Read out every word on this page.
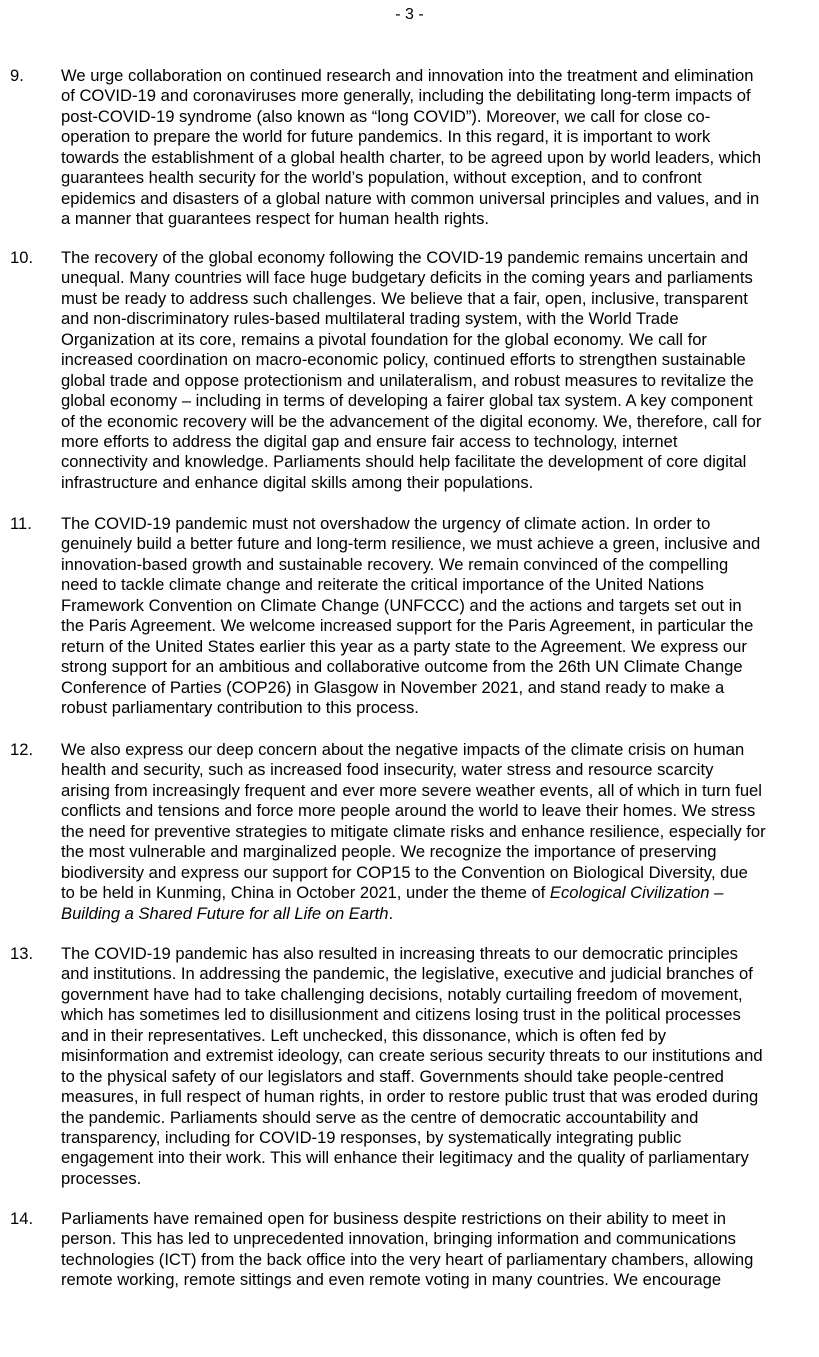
- 3 -
9. We urge collaboration on continued research and innovation into the treatment and elimination
of COVID-19 and coronaviruses more generally, including the debilitating long-term impacts of
post-COVID-19 syndrome (also known as “long COVID”). Moreover, we call for close co-
operation to prepare the world for future pandemics. In this regard, it is important to work
towards the establishment of a global health charter, to be agreed upon by world leaders, which
guarantees health security for the world’s population, without exception, and to confront
epidemics and disasters of a global nature with common universal principles and values, and in
a manner that guarantees respect for human health rights.
10. The recovery of the global economy following the COVID-19 pandemic remains uncertain and
unequal. Many countries will face huge budgetary deficits in the coming years and parliaments
must be ready to address such challenges. We believe that a fair, open, inclusive, transparent
and non-discriminatory rules-based multilateral trading system, with the World Trade
Organization at its core, remains a pivotal foundation for the global economy. We call for
increased coordination on macro-economic policy, continued efforts to strengthen sustainable
global trade and oppose protectionism and unilateralism, and robust measures to revitalize the
global economy – including in terms of developing a fairer global tax system. A key component
of the economic recovery will be the advancement of the digital economy. We, therefore, call for
more efforts to address the digital gap and ensure fair access to technology, internet
connectivity and knowledge. Parliaments should help facilitate the development of core digital
infrastructure and enhance digital skills among their populations.
11. The COVID-19 pandemic must not overshadow the urgency of climate action. In order to
genuinely build a better future and long-term resilience, we must achieve a green, inclusive and
innovation-based growth and sustainable recovery. We remain convinced of the compelling
need to tackle climate change and reiterate the critical importance of the United Nations
Framework Convention on Climate Change (UNFCCC) and the actions and targets set out in
the Paris Agreement. We welcome increased support for the Paris Agreement, in particular the
return of the United States earlier this year as a party state to the Agreement. We express our
strong support for an ambitious and collaborative outcome from the 26th UN Climate Change
Conference of Parties (COP26) in Glasgow in November 2021, and stand ready to make a
robust parliamentary contribution to this process.
12. We also express our deep concern about the negative impacts of the climate crisis on human
health and security, such as increased food insecurity, water stress and resource scarcity
arising from increasingly frequent and ever more severe weather events, all of which in turn fuel
conflicts and tensions and force more people around the world to leave their homes. We stress
the need for preventive strategies to mitigate climate risks and enhance resilience, especially for
the most vulnerable and marginalized people. We recognize the importance of preserving
biodiversity and express our support for COP15 to the Convention on Biological Diversity, due
to be held in Kunming, China in October 2021, under the theme of Ecological Civilization –
Building a Shared Future for all Life on Earth.
13. The COVID-19 pandemic has also resulted in increasing threats to our democratic principles
and institutions. In addressing the pandemic, the legislative, executive and judicial branches of
government have had to take challenging decisions, notably curtailing freedom of movement,
which has sometimes led to disillusionment and citizens losing trust in the political processes
and in their representatives. Left unchecked, this dissonance, which is often fed by
misinformation and extremist ideology, can create serious security threats to our institutions and
to the physical safety of our legislators and staff. Governments should take people-centred
measures, in full respect of human rights, in order to restore public trust that was eroded during
the pandemic. Parliaments should serve as the centre of democratic accountability and
transparency, including for COVID-19 responses, by systematically integrating public
engagement into their work. This will enhance their legitimacy and the quality of parliamentary
processes.
14. Parliaments have remained open for business despite restrictions on their ability to meet in
person. This has led to unprecedented innovation, bringing information and communications
technologies (ICT) from the back office into the very heart of parliamentary chambers, allowing
remote working, remote sittings and even remote voting in many countries. We encourage
